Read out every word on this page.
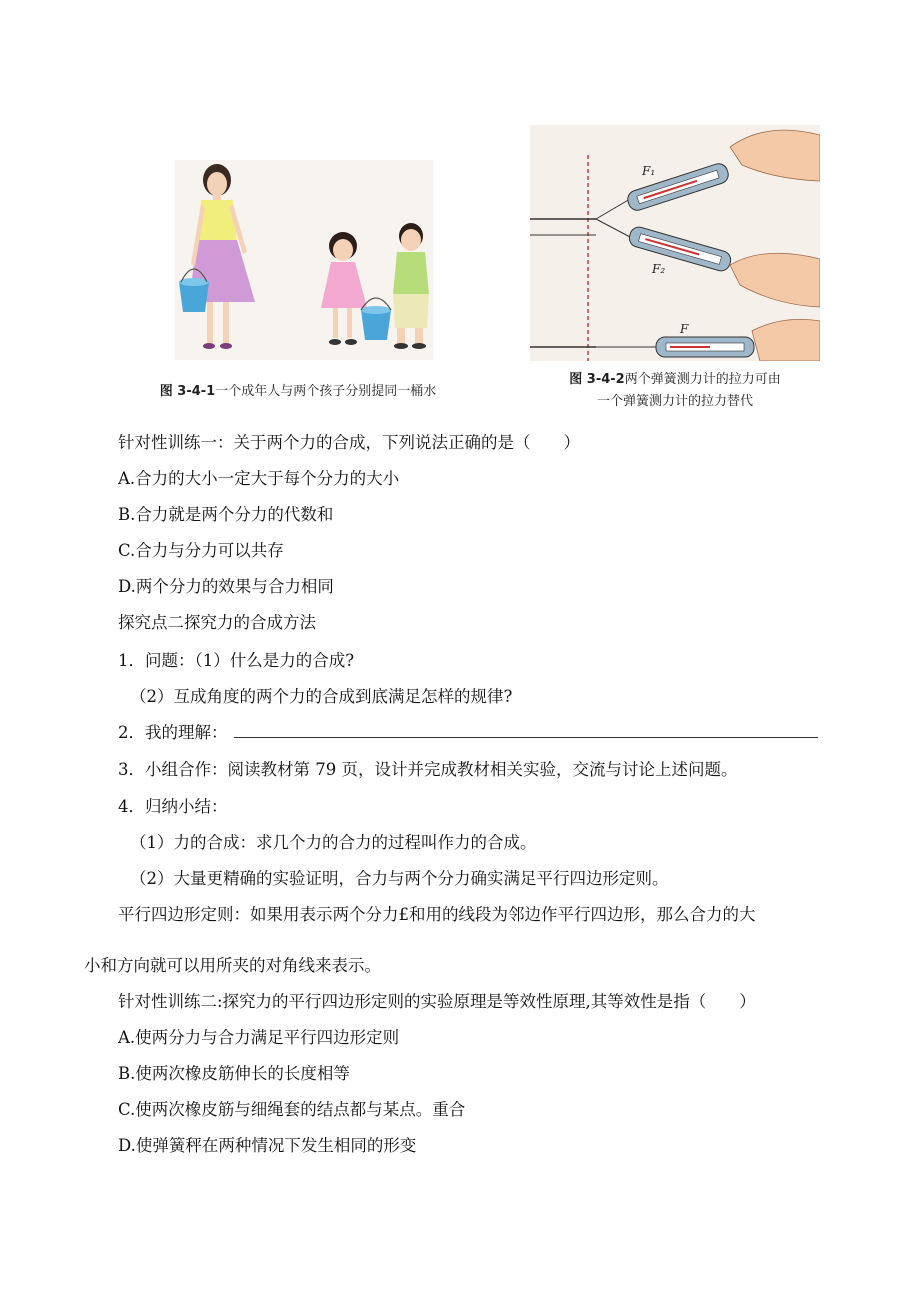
图 3-4-1一个成年人与两个孩子分别提同一桶水
F₁
F₂
F
图 3-4-2两个弹簧测力计的拉力可由
一个弹簧测力计的拉力替代
针对性训练一：关于两个力的合成，下列说法正确的是（　　）
A.合力的大小一定大于每个分力的大小
B.合力就是两个分力的代数和
C.合力与分力可以共存
D.两个分力的效果与合力相同
探究点二探究力的合成方法
1．问题：（1）什么是力的合成?
（2）互成角度的两个力的合成到底满足怎样的规律?
2．我的理解：
3．小组合作：阅读教材第 79 页，设计并完成教材相关实验，交流与讨论上述问题。
4．归纳小结：
（1）力的合成：求几个力的合力的过程叫作力的合成。
（2）大量更精确的实验证明，合力与两个分力确实满足平行四边形定则。
平行四边形定则：如果用表示两个分力£和用的线段为邻边作平行四边形，那么合力的大
小和方向就可以用所夹的对角线来表示。
针对性训练二:探究力的平行四边形定则的实验原理是等效性原理,其等效性是指（　　）
A.使两分力与合力满足平行四边形定则
B.使两次橡皮筋伸长的长度相等
C.使两次橡皮筋与细绳套的结点都与某点。重合
D.使弹簧秤在两种情况下发生相同的形变
